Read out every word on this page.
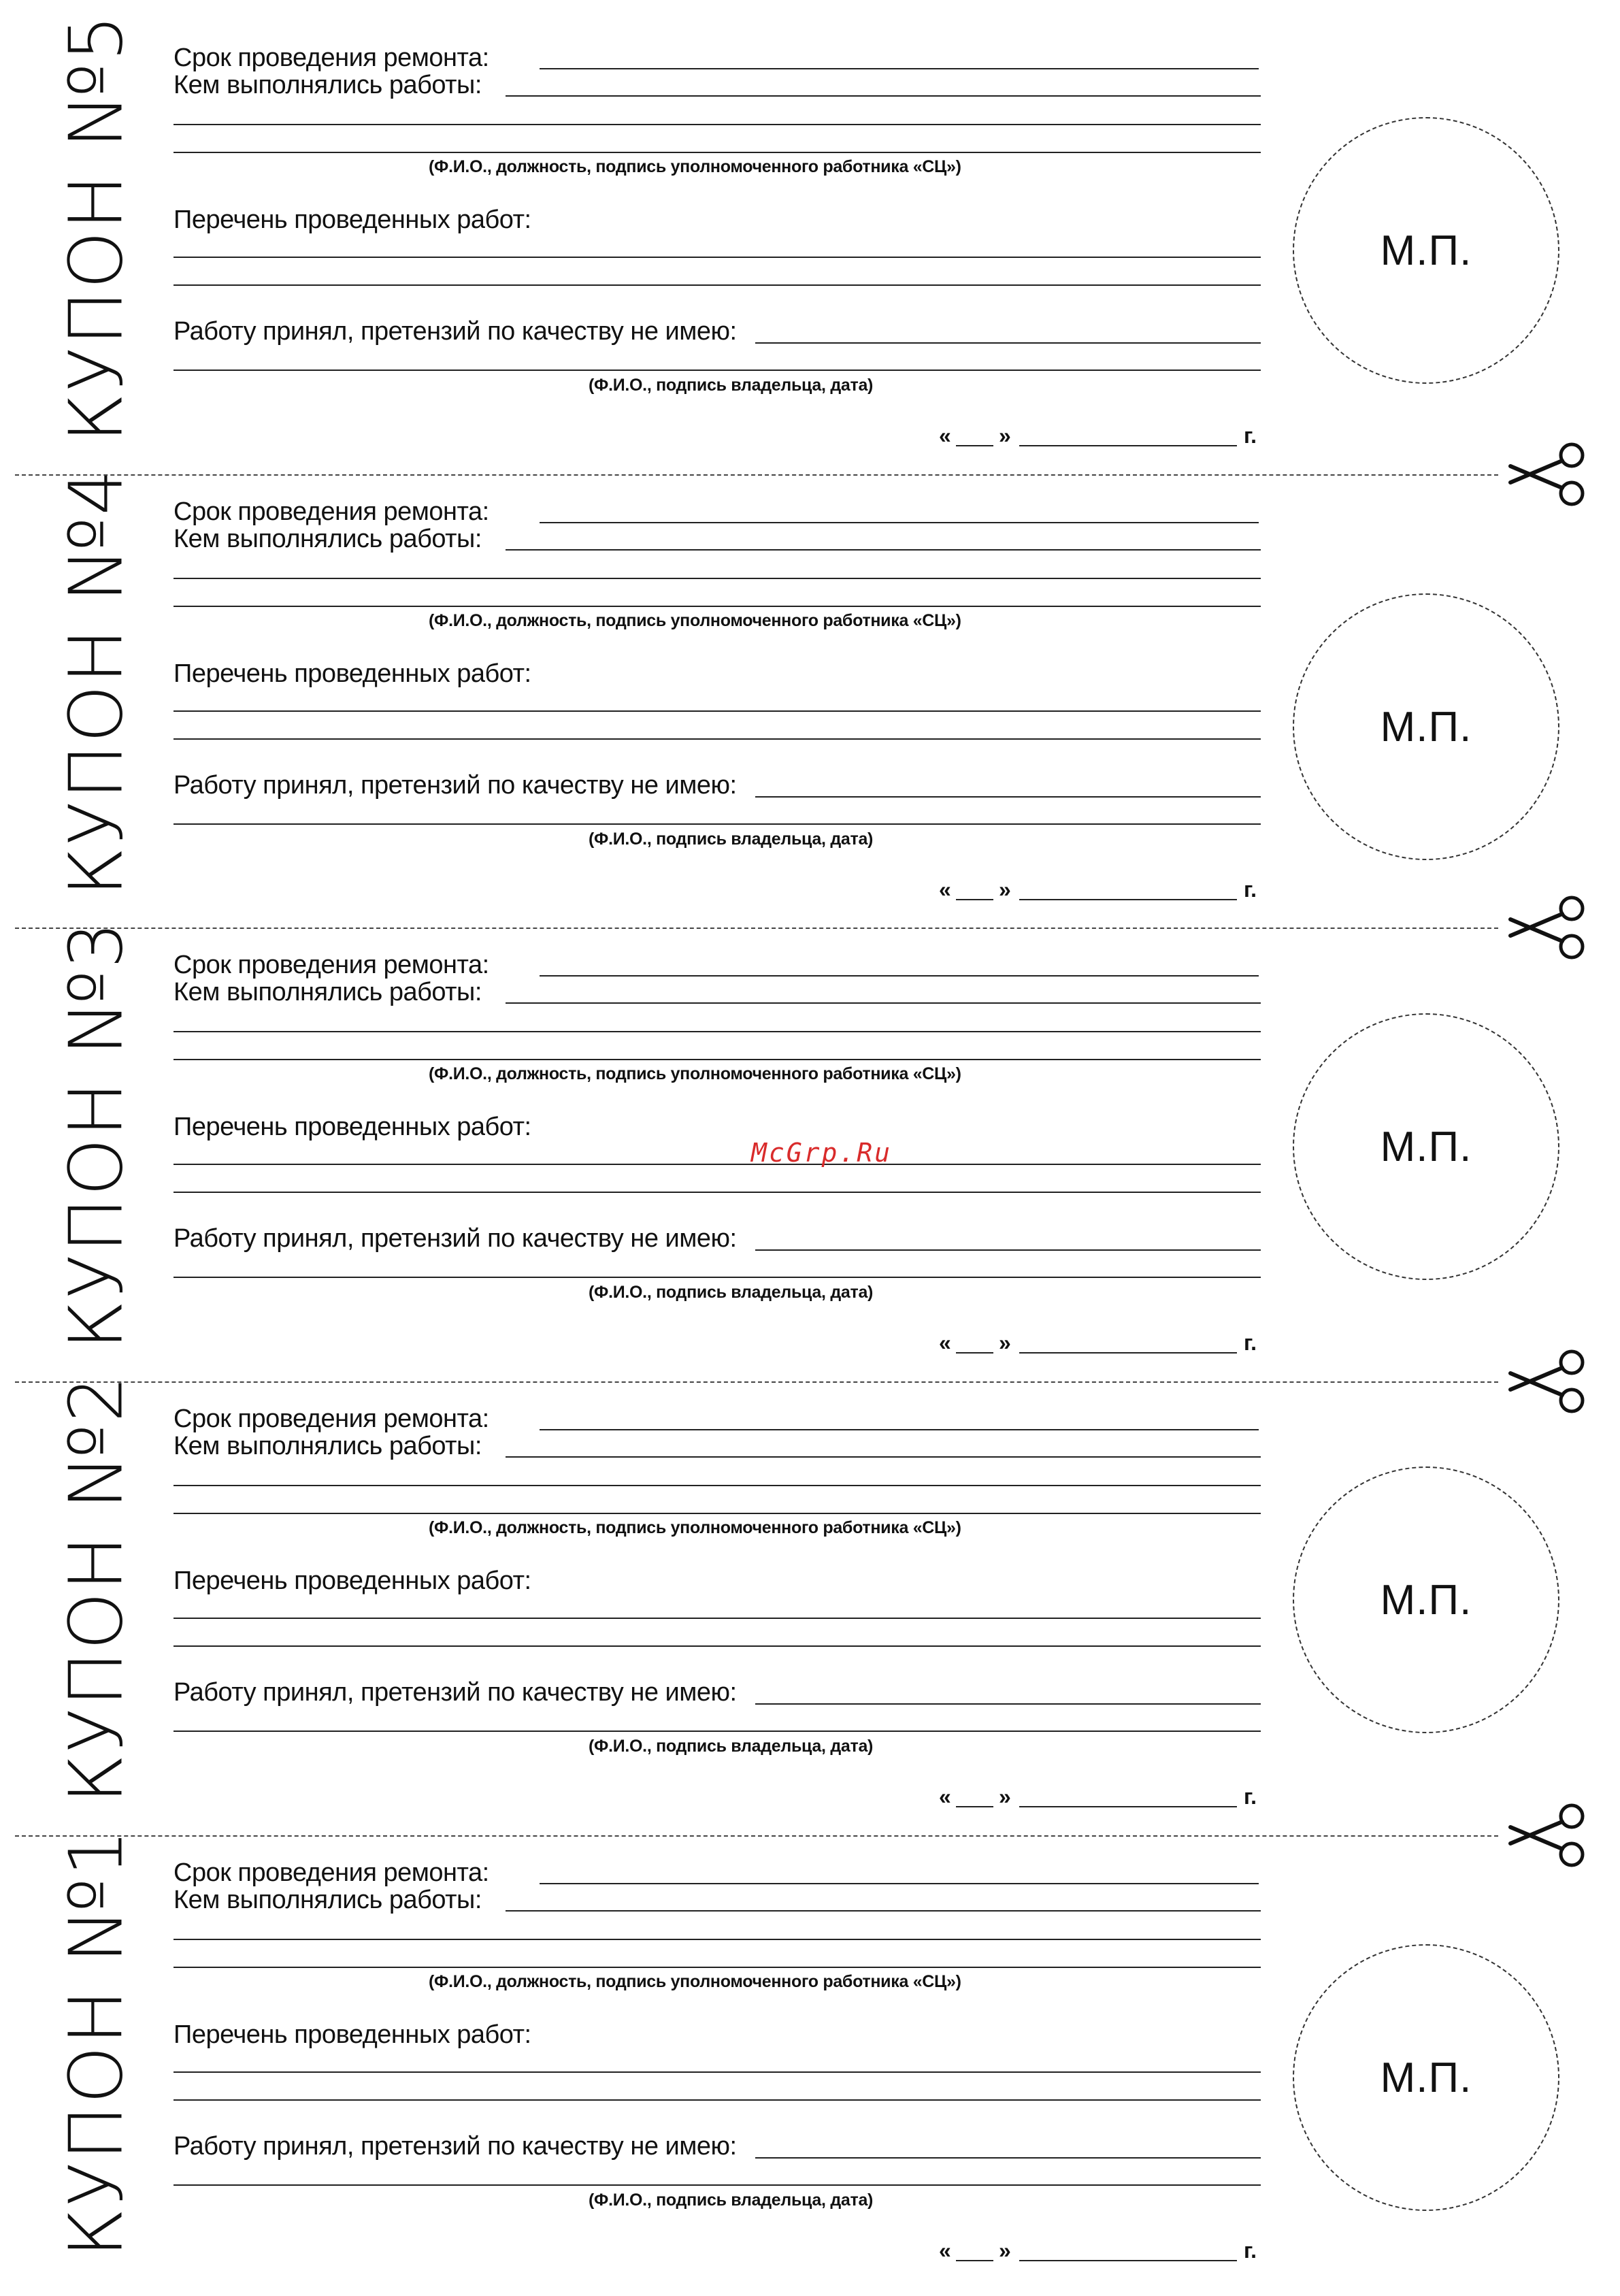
КУПОН №5 Срок проведения ремонта:
Кем выполнялись работы:
(Ф.И.О., должность, подпись уполномоченного работника «СЦ»)
Перечень проведенных работ:
Работу принял, претензий по качеству не имею:
(Ф.И.О., подпись владельца, дата)
М.П.
« »	г.
КУПОН №4 Срок проведения ремонта:
Кем выполнялись работы:
(Ф.И.О., должность, подпись уполномоченного работника «СЦ»)
Перечень проведенных работ:
Работу принял, претензий по качеству не имею:
(Ф.И.О., подпись владельца, дата)
М.П.
« »	г.
КУПОН №3 Срок проведения ремонта:
Кем выполнялись работы:
(Ф.И.О., должность, подпись уполномоченного работника «СЦ»)
Перечень проведенных работ:
Работу принял, претензий по качеству не имею:
(Ф.И.О., подпись владельца, дата)
М.П.
« »	г.
КУПОН №2 Срок проведения ремонта:
Кем выполнялись работы:
(Ф.И.О., должность, подпись уполномоченного работника «СЦ»)
Перечень проведенных работ:
Работу принял, претензий по качеству не имею:
(Ф.И.О., подпись владельца, дата)
М.П.
« »	г.
КУПОН №1 Срок проведения ремонта:
Кем выполнялись работы:
(Ф.И.О., должность, подпись уполномоченного работника «СЦ»)
Перечень проведенных работ:
Работу принял, претензий по качеству не имею:
(Ф.И.О., подпись владельца, дата)
М.П.
« »	г.
McGrp.Ru
